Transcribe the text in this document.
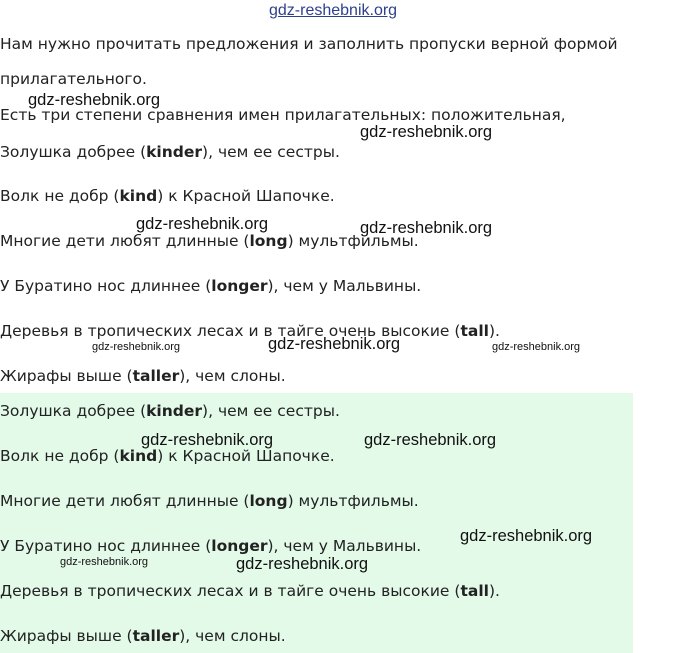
Нам нужно прочитать предложения и заполнить пропуски верной формой
прилагательного.
Есть три степени сравнения имен прилагательных: положительная,
Золушка добрее (kinder), чем ее сестры.
Волк не добр (kind) к Красной Шапочке.
Многие дети любят длинные (long) мультфильмы.
У Буратино нос длиннее (longer), чем у Мальвины.
Деревья в тропических лесах и в тайге очень высокие (tall).
Жирафы выше (taller), чем слоны.
Золушка добрее (kinder), чем ее сестры.
Волк не добр (kind) к Красной Шапочке.
Многие дети любят длинные (long) мультфильмы.
У Буратино нос длиннее (longer), чем у Мальвины.
Деревья в тропических лесах и в тайге очень высокие (tall).
Жирафы выше (taller), чем слоны.
gdz-reshebnik.org
gdz-reshebnik.org
gdz-reshebnik.org
gdz-reshebnik.org	gdz-reshebnik.org
gdz-reshebnik.org	gdz-reshebnik.org	gdz-reshebnik.org
gdz-reshebnik.org	gdz-reshebnik.org
gdz-reshebnik.org
gdz-reshebnik.org	gdz-reshebnik.org
